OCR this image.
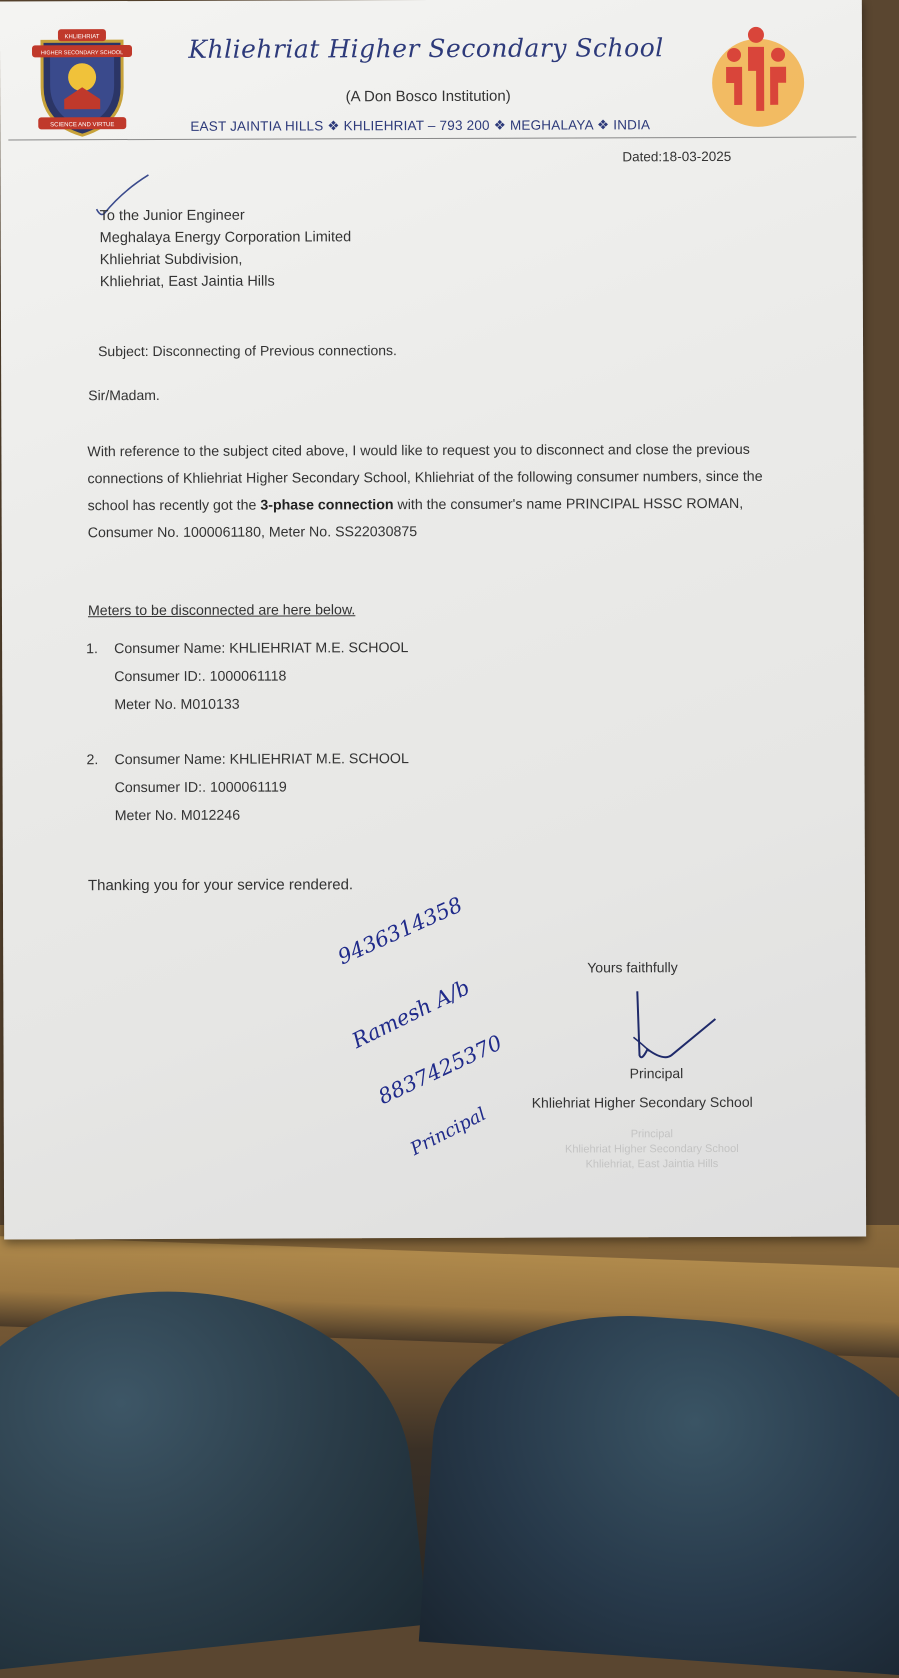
HIGHER SECONDARY SCHOOL
KHLIEHRIAT
SCIENCE AND VIRTUE
Khliehriat Higher Secondary School
(A Don Bosco Institution)
EAST JAINTIA HILLS ❖ KHLIEHRIAT – 793 200 ❖ MEGHALAYA ❖ INDIA
Dated:18-03-2025
To the Junior Engineer
Meghalaya Energy Corporation Limited
Khliehriat Subdivision,
Khliehriat, East Jaintia Hills
Subject: Disconnecting of Previous connections.
Sir/Madam.
With reference to the subject cited above, I would like to request you to disconnect and close the previous connections of Khliehriat Higher Secondary School, Khliehriat of the following consumer numbers, since the school has recently got the 3-phase connection with the consumer's name PRINCIPAL HSSC ROMAN, Consumer No. 1000061180, Meter No. SS22030875
Meters to be disconnected are here below.
1. Consumer Name: KHLIEHRIAT M.E. SCHOOL
Consumer ID:. 1000061118
Meter No. M010133
2. Consumer Name: KHLIEHRIAT M.E. SCHOOL
Consumer ID:. 1000061119
Meter No. M012246
Thanking you for your service rendered.
9436314358
Ramesh A/b
8837425370
Principal
Yours faithfully
Principal
Khliehriat Higher Secondary School
Principal
Khliehriat Higher Secondary School
Khliehriat, East Jaintia Hills
